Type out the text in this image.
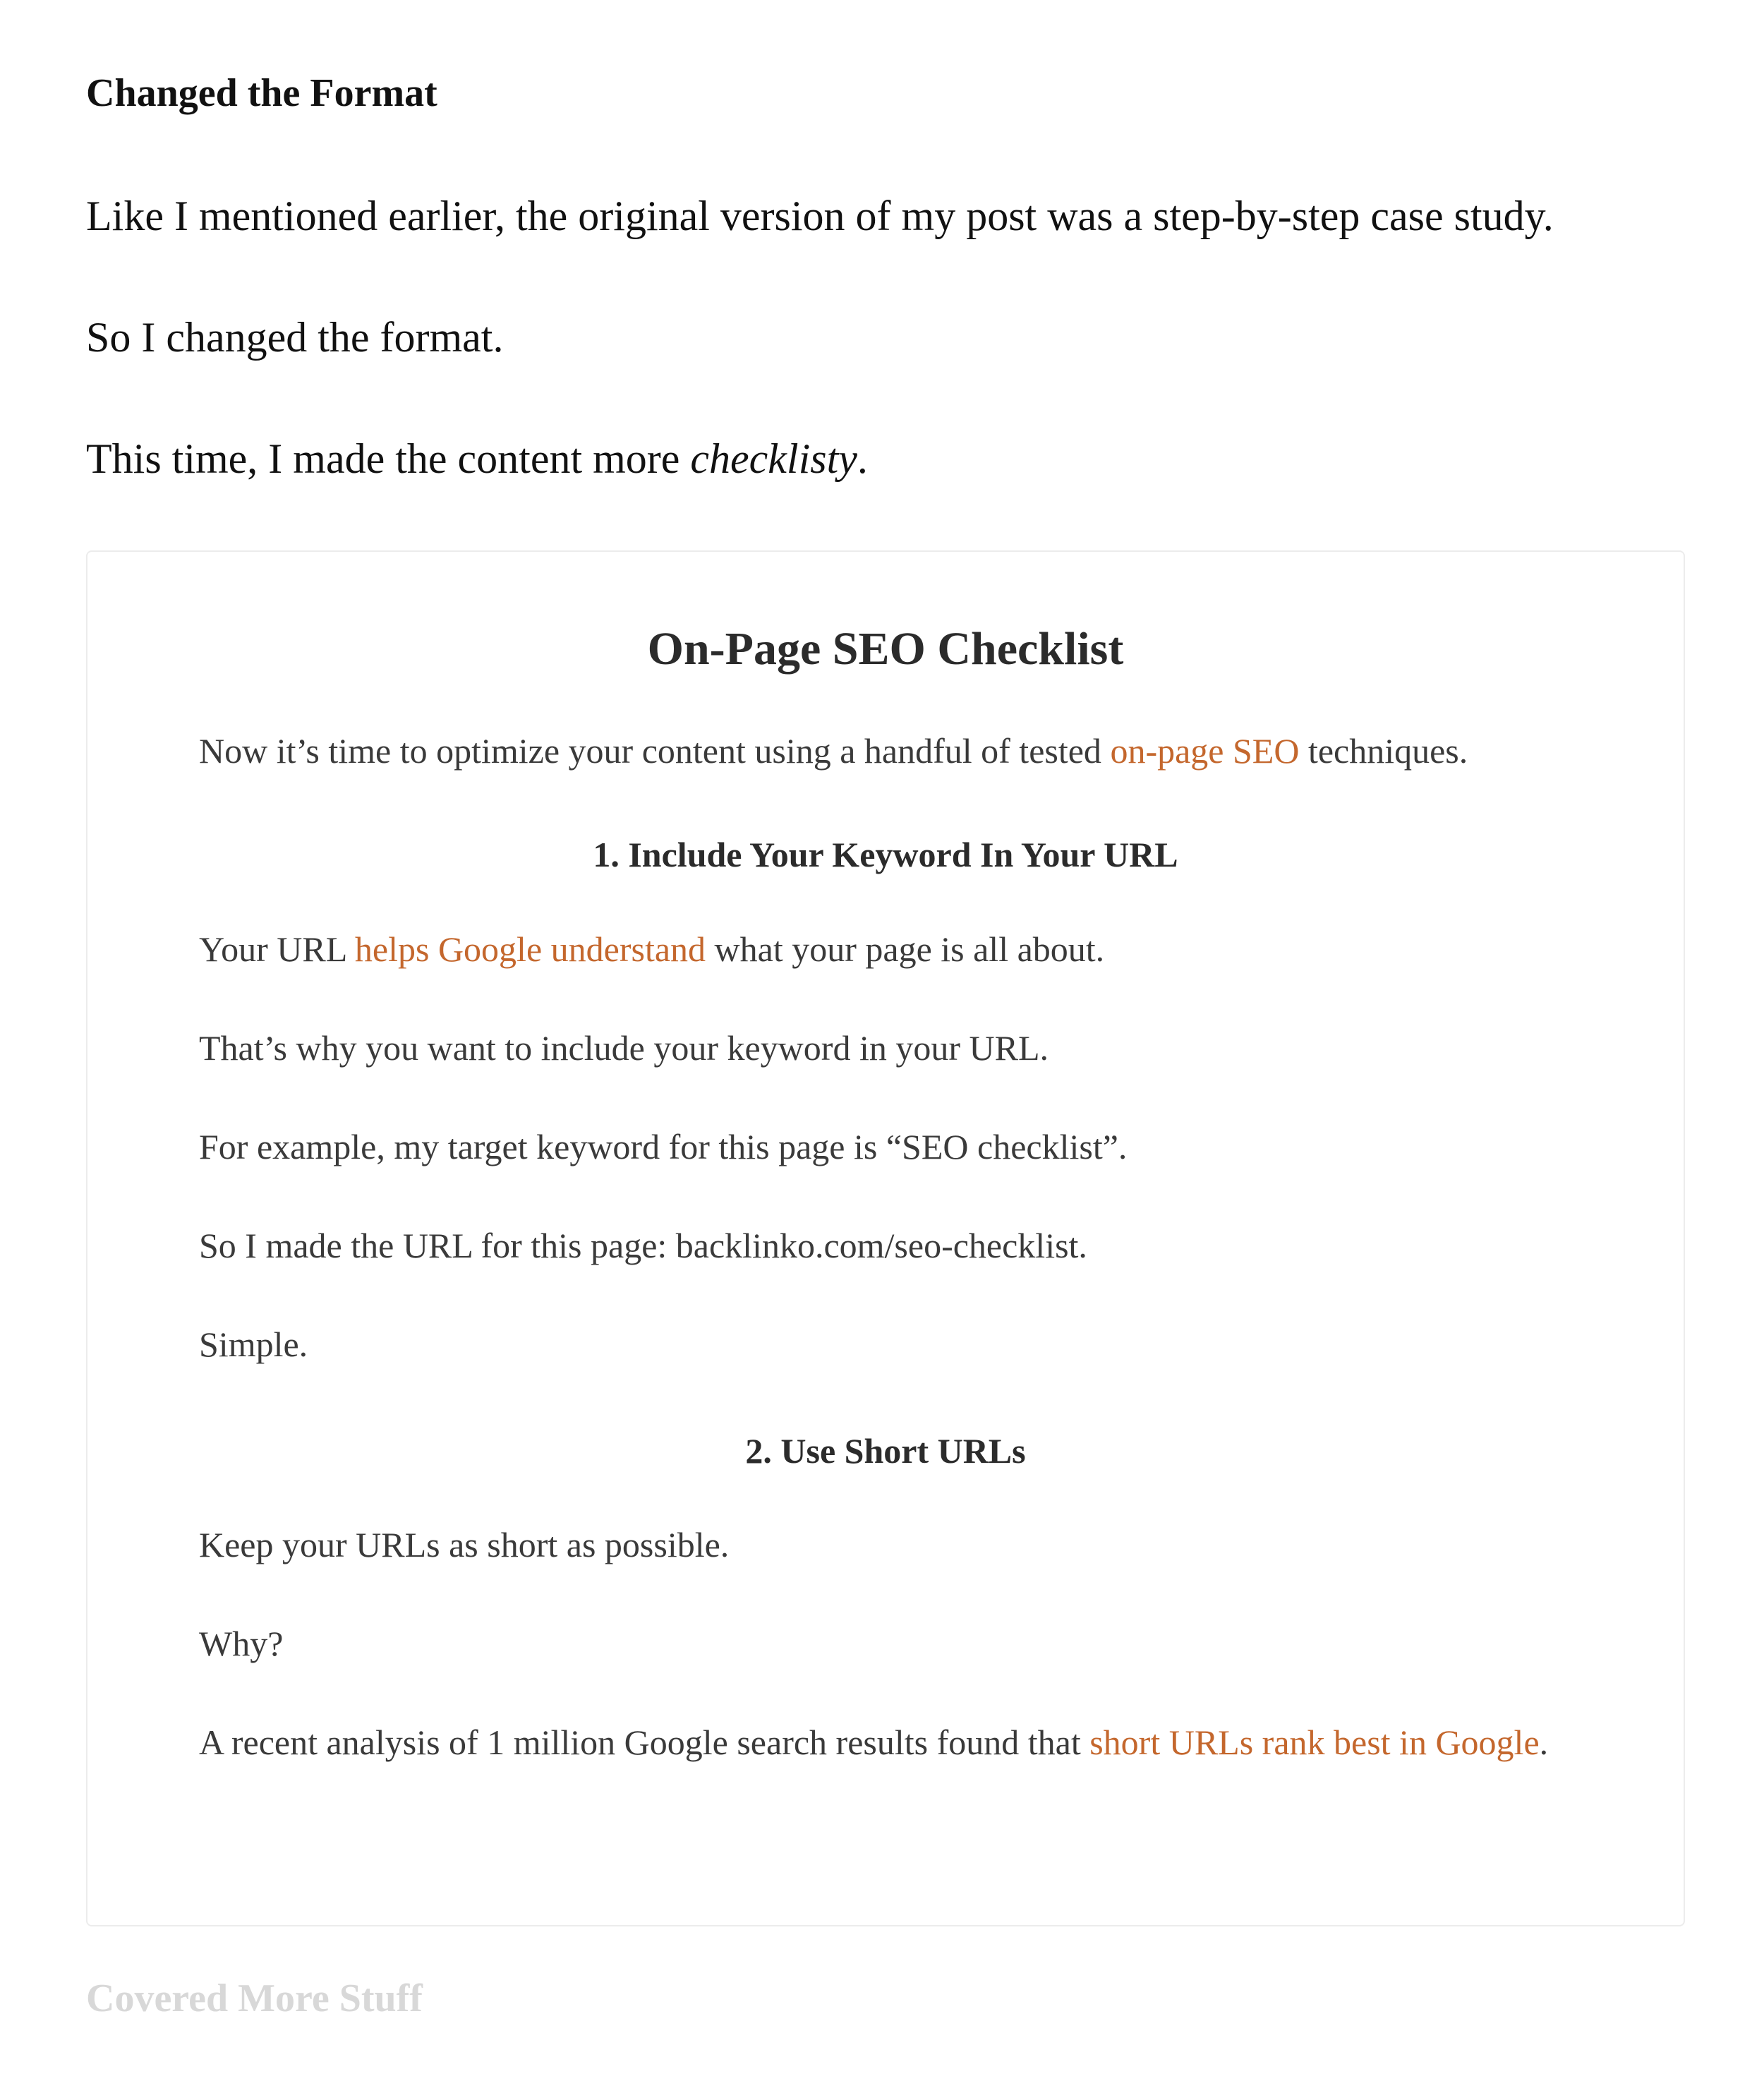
Changed the Format

Like I mentioned earlier, the original version of my post was a step-by-step case study.

So I changed the format.

This time, I made the content more checklisty.

On-Page SEO Checklist

Now it’s time to optimize your content using a handful of tested on-page SEO techniques.

1. Include Your Keyword In Your URL

Your URL helps Google understand what your page is all about.

That’s why you want to include your keyword in your URL.

For example, my target keyword for this page is “SEO checklist”.

So I made the URL for this page: backlinko.com/seo-checklist.

Simple.

2. Use Short URLs

Keep your URLs as short as possible.

Why?

A recent analysis of 1 million Google search results found that short URLs rank best in Google.

Covered More Stuff
